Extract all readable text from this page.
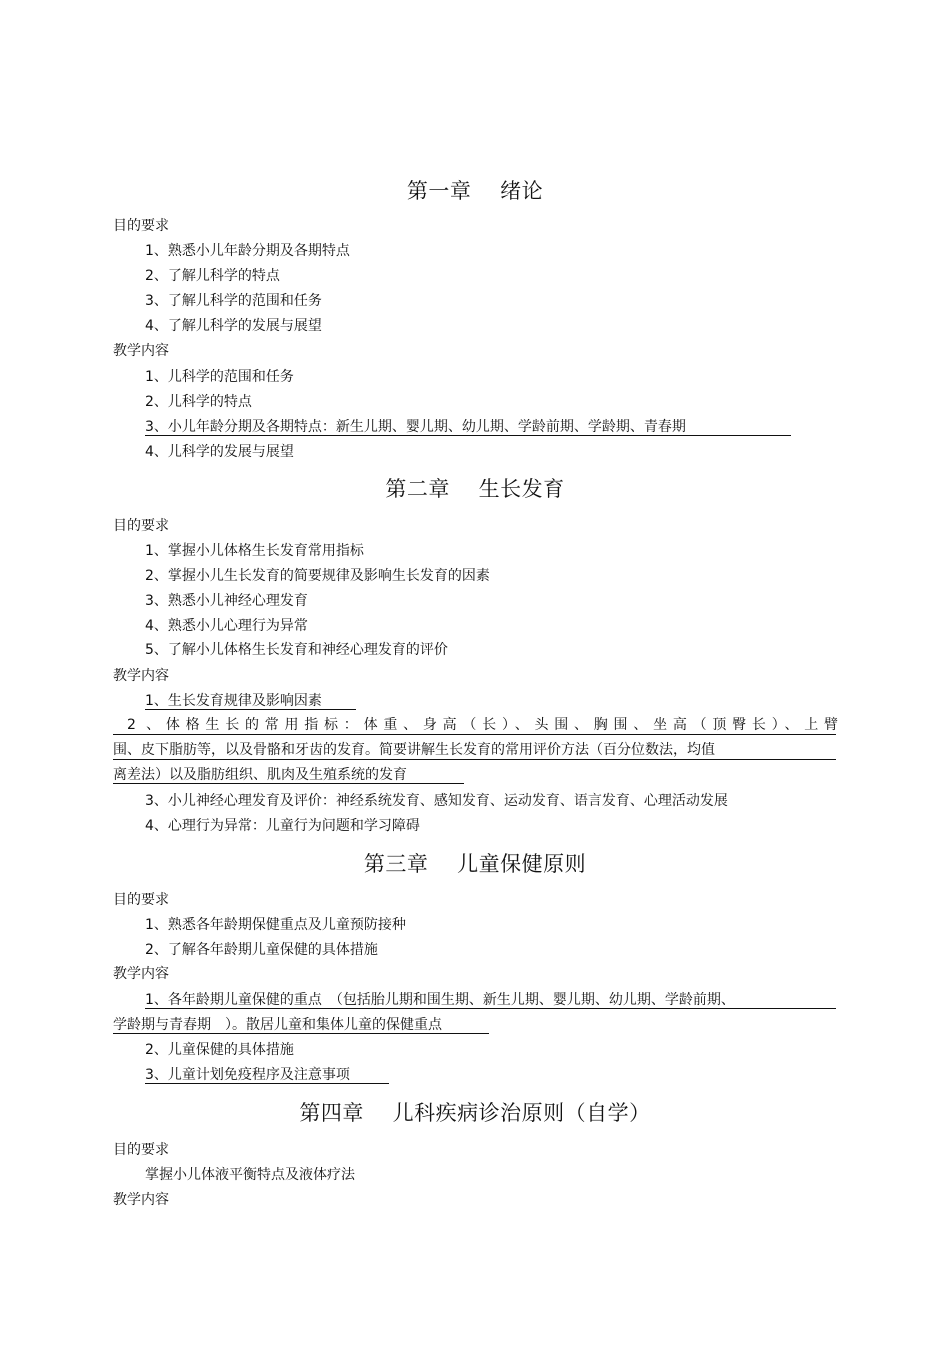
第一章　 绪论
目的要求
1、熟悉小儿年龄分期及各期特点
2、了解儿科学的特点
3、了解儿科学的范围和任务
4、了解儿科学的发展与展望
教学内容
1、儿科学的范围和任务
2、儿科学的特点
3、小儿年龄分期及各期特点：新生儿期、婴儿期、幼儿期、学龄前期、学龄期、青春期
4、儿科学的发展与展望
第二章　 生长发育
目的要求
1、掌握小儿体格生长发育常用指标
2、掌握小儿生长发育的简要规律及影响生长发育的因素
3、熟悉小儿神经心理发育
4、熟悉小儿心理行为异常
5、了解小儿体格生长发育和神经心理发育的评价
教学内容
1、生长发育规律及影响因素
2 、体格生长的常用指标：体重、身高（长）、头围、胸围、坐高（顶臀长）、上臂
围、皮下脂肪等，以及骨骼和牙齿的发育。简要讲解生长发育的常用评价方法（百分位数法，均值
离差法）以及脂肪组织、肌肉及生殖系统的发育
3、小儿神经心理发育及评价：神经系统发育、感知发育、运动发育、语言发育、心理活动发展
4、心理行为异常：儿童行为问题和学习障碍
第三章　 儿童保健原则
目的要求
1、熟悉各年龄期保健重点及儿童预防接种
2、了解各年龄期儿童保健的具体措施
教学内容
1、各年龄期儿童保健的重点　（包括胎儿期和围生期、新生儿期、婴儿期、幼儿期、学龄前期、
学龄期与青春期　）。散居儿童和集体儿童的保健重点
2、儿童保健的具体措施
3、儿童计划免疫程序及注意事项
第四章　 儿科疾病诊治原则（自学）
目的要求
掌握小儿体液平衡特点及液体疗法
教学内容
